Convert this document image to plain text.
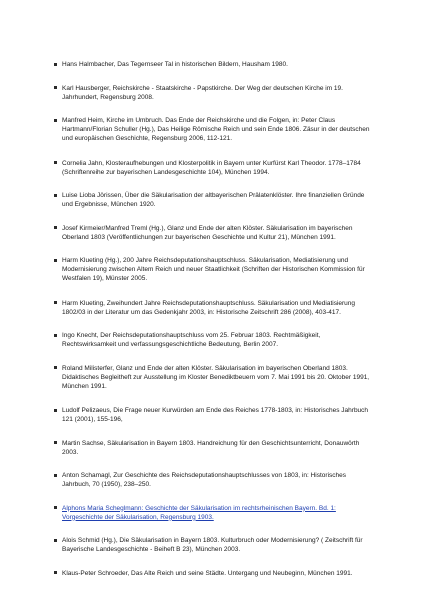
Hans Halmbacher, Das Tegernseer Tal in historischen Bildern, Hausham 1980.
Karl Hausberger, Reichskirche - Staatskirche - Papstkirche. Der Weg der deutschen Kirche im 19. Jahrhundert, Regensburg 2008.
Manfred Heim, Kirche im Umbruch. Das Ende der Reichskirche und die Folgen, in: Peter Claus Hartmann/Florian Schuller (Hg.), Das Heilige Römische Reich und sein Ende 1806. Zäsur in der deutschen und europäischen Geschichte, Regensburg 2006, 112-121.
Cornelia Jahn, Klosteraufhebungen und Klosterpolitik in Bayern unter Kurfürst Karl Theodor. 1778–1784 (Schriftenreihe zur bayerischen Landesgeschichte 104), München 1994.
Luise Lioba Jörissen, Über die Säkularisation der altbayerischen Prälatenklöster. Ihre finanziellen Gründe und Ergebnisse, München 1920.
Josef Kirmeier/Manfred Treml (Hg.), Glanz und Ende der alten Klöster. Säkularisation im bayerischen Oberland 1803 (Veröffentlichungen zur bayerischen Geschichte und Kultur 21), München 1991.
Harm Klueting (Hg.), 200 Jahre Reichsdeputationshauptschluss. Säkularisation, Mediatisierung und Modernisierung zwischen Altem Reich und neuer Staatlichkeit (Schriften der Historischen Kommission für Westfalen 19), Münster 2005.
Harm Klueting, Zweihundert Jahre Reichsdeputationshauptschluss. Säkularisation und Mediatisierung 1802/03 in der Literatur um das Gedenkjahr 2003, in: Historische Zeitschrift 286 (2008), 403-417.
Ingo Knecht, Der Reichsdeputationshauptschluss vom 25. Februar 1803. Rechtmäßigkeit, Rechtswirksamkeit und verfassungsgeschichtliche Bedeutung, Berlin 2007.
Roland Milisterfer, Glanz und Ende der alten Klöster. Säkularisation im bayerischen Oberland 1803. Didaktisches Begleitheft zur Ausstellung im Kloster Benediktbeuern vom 7. Mai 1991 bis 20. Oktober 1991, München 1991.
Ludolf Pelizaeus, Die Frage neuer Kurwürden am Ende des Reiches 1778-1803, in: Historisches Jahrbuch 121 (2001), 155-196,
Martin Sachse, Säkularisation in Bayern 1803. Handreichung für den Geschichtsunterricht, Donauwörth 2003.
Anton Schamagl, Zur Geschichte des Reichsdeputationshauptschlusses von 1803, in: Historisches Jahrbuch, 70 (1950), 238–250.
Alphons Maria Scheglmann: Geschichte der Säkularisation im rechtsrheinischen Bayern. Bd. 1: Vorgeschichte der Säkularisation, Regensburg 1903.
Alois Schmid (Hg.), Die Säkularisation in Bayern 1803. Kulturbruch oder Modernisierung? ( Zeitschrift für Bayerische Landesgeschichte - Beiheft B 23), München 2003.
Klaus-Peter Schroeder, Das Alte Reich und seine Städte. Untergang und Neubeginn, München 1991.
